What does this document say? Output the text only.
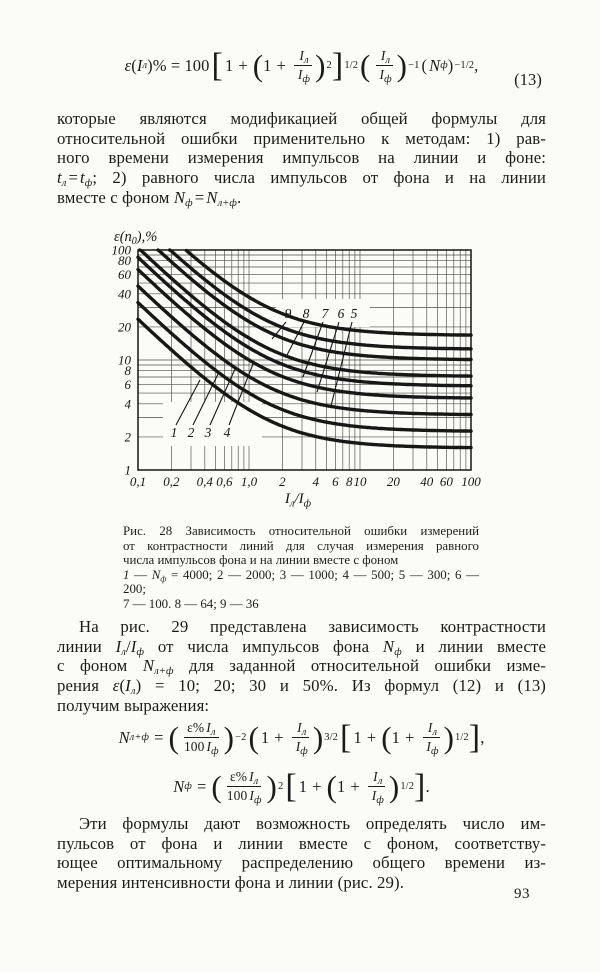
1 2 3 4
9 8 7 6 5
100
80
60
40
20
10
8
6
4
2
1
0,1 0,2 0,4 0,6 1,0 2 4 6 8 10 20 40 60 100
$\varepsilon(n_0),\%$
$I_л/I_ф$
ε ( I л )% = 100 [ 1 + ( $1 + \frac{I_л}{I_ф}$ ) 2 ] 1/2 ( $\frac{I_л}{I_ф}$ ) −1 ( N ф ) −1/2 ,
(13)
которые являются модификацией общей формулы для
относительной ошибки применительно к методам: 1) рав-
ного времени измерения импульсов на линии и фоне:
$t_л = t_ф$; 2) равного числа импульсов от фона и на линии
вместе с фоном $N_ф = N_{л+ф}$.
Рис. 28 Зависимость относительной ошибки измерений
от контрастности линий для случая измерения равного
числа импульсов фона и на линии вместе с фоном
1 — $N_ф = 4000$; 2 — 2000; 3 — 1000; 4 — 500; 5 — 300; 6 — 200;
7 — 100. 8 — 64; 9 — 36
На рис. 29 представлена зависимость контрастности
линии $I_л/I_ф$ от числа импульсов фона $N_ф$ и линии вместе
с фоном $N_{л+ф}$ для заданной относительной ошибки изме-
рения $\varepsilon(I_л) = 10$; 20; 30 и 50%. Из формул (12) и (13)
получим выражения:
N л+ф = ( $\frac{\varepsilon\% I_л}{100 I_ф}$ ) −2 ( $1 + \frac{I_л}{I_ф}$ ) 3/2 [ 1 + ( $1 + \frac{I_л}{I_ф}$ ) 1/2 ] ,
N ф = ( $\frac{\varepsilon\% I_л}{100 I_ф}$ ) 2 [ 1 + ( $1 + \frac{I_л}{I_ф}$ ) 1/2 ] .
Эти формулы дают возможность определять число им-
пульсов от фона и линии вместе с фоном, соответству-
ющее оптимальному распределению общего времени из-
мерения интенсивности фона и линии (рис. 29).
93
